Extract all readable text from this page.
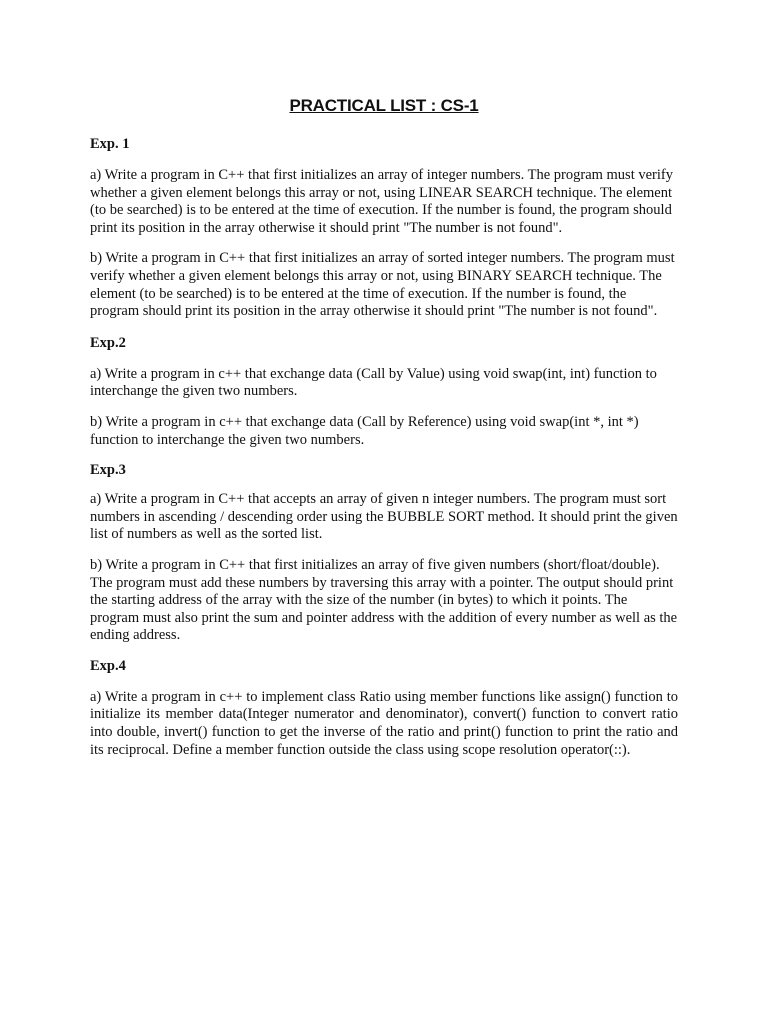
PRACTICAL LIST : CS-1

Exp. 1

a) Write a program in C++ that first initializes an array of integer numbers. The program must verify whether a given element belongs this array or not, using LINEAR SEARCH technique. The element (to be searched) is to be entered at the time of execution. If the number is found, the program should print its position in the array otherwise it should print "The number is not found".

b) Write a program in C++ that first initializes an array of sorted integer numbers. The program must verify whether a given element belongs this array or not, using BINARY SEARCH technique. The element (to be searched) is to be entered at the time of execution. If the number is found, the program should print its position in the array otherwise it should print "The number is not found".

Exp.2

a) Write a program in c++ that exchange data (Call by Value) using void swap(int, int) function to interchange the given two numbers.

b) Write a program in c++ that exchange data (Call by Reference) using void swap(int *, int *) function to interchange the given two numbers.

Exp.3

a) Write a program in C++ that accepts an array of given n integer numbers. The program must sort numbers in ascending / descending order using the BUBBLE SORT method. It should print the given list of numbers as well as the sorted list.

b) Write a program in C++ that first initializes an array of five given numbers (short/float/double). The program must add these numbers by traversing this array with a pointer. The output should print the starting address of the array with the size of the number (in bytes) to which it points. The program must also print the sum and pointer address with the addition of every number as well as the ending address.

Exp.4

a) Write a program in c++ to implement class Ratio using member functions like assign() function to initialize its member data(Integer numerator and denominator), convert() function to convert ratio into double, invert() function to get the inverse of the ratio and print() function to print the ratio and its reciprocal. Define a member function outside the class using scope resolution operator(::).
